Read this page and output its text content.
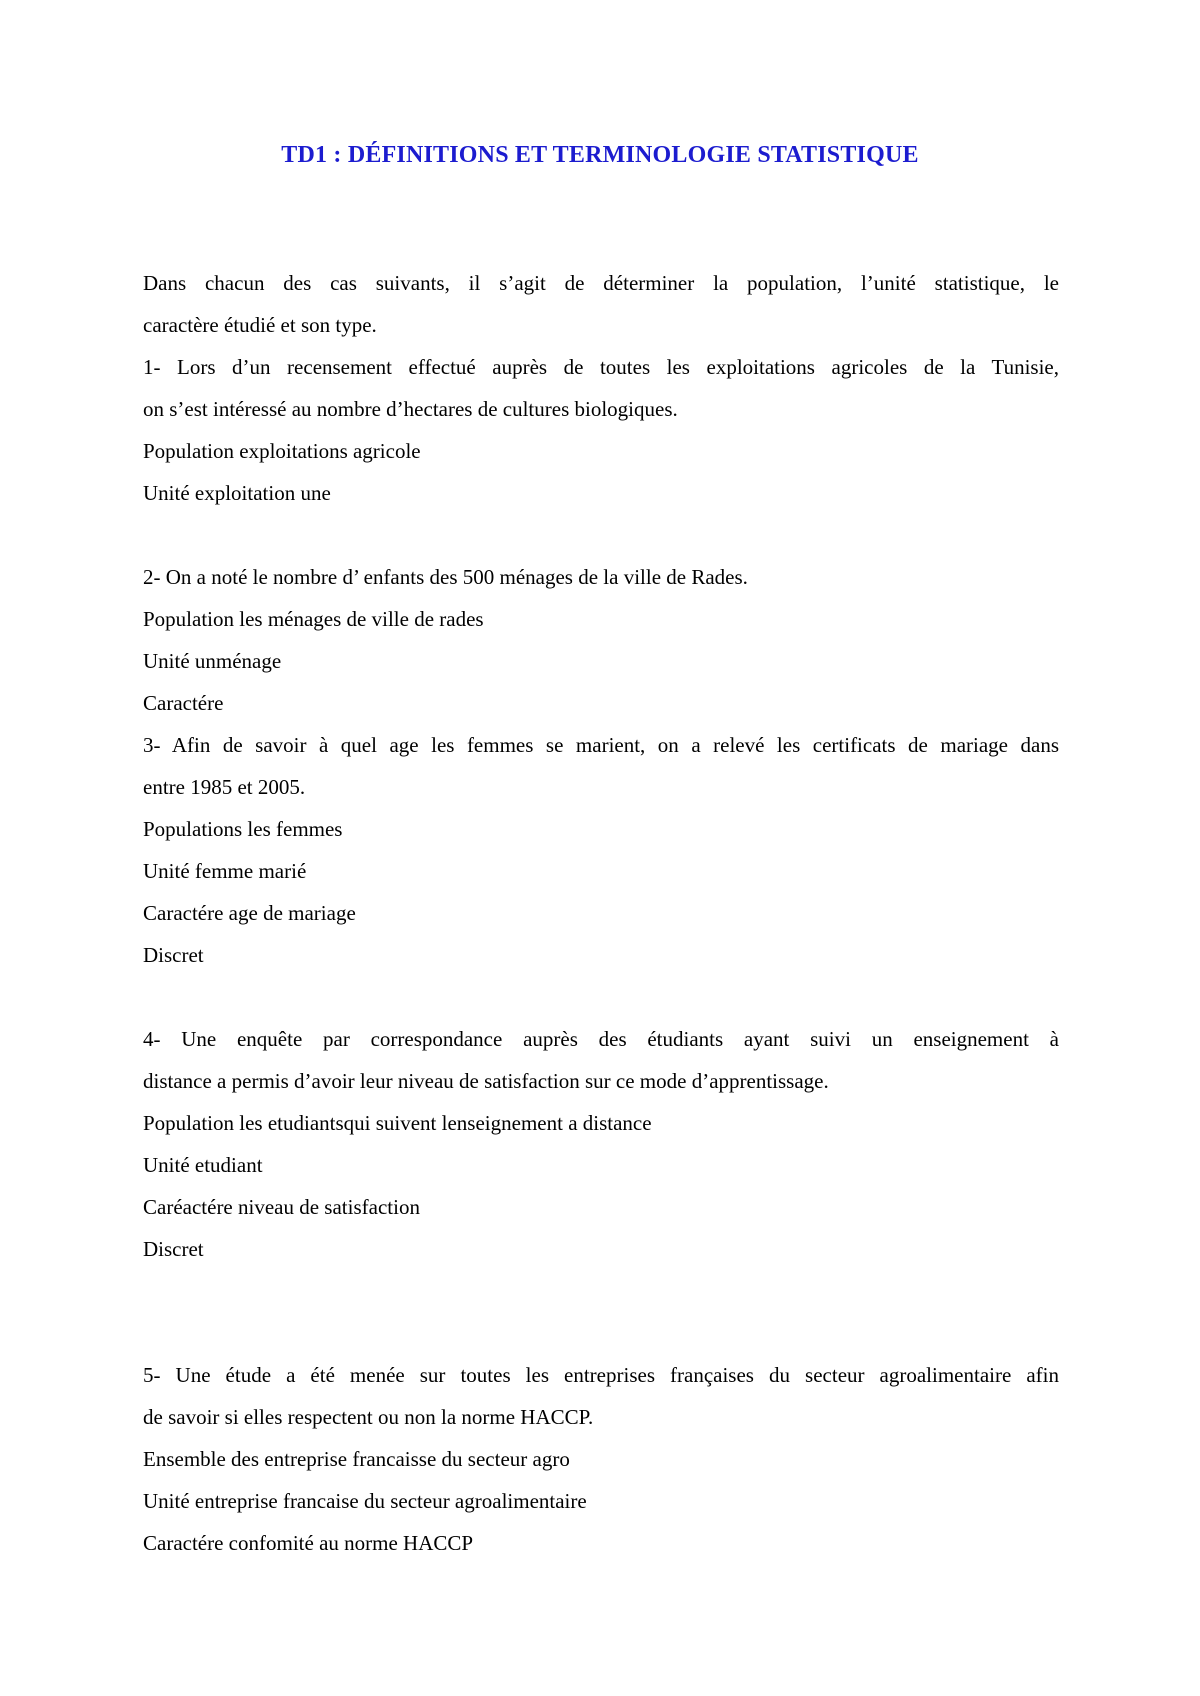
TD1 : DÉFINITIONS ET TERMINOLOGIE STATISTIQUE

Dans chacun des cas suivants, il s’agit de déterminer la population, l’unité statistique, le

caractère étudié et son type.

1- Lors d’un recensement effectué auprès de toutes les exploitations agricoles de la Tunisie,

on s’est intéressé au nombre d’hectares de cultures biologiques.

Population exploitations agricole

Unité exploitation une

2- On a noté le nombre d’ enfants des 500 ménages de la ville de Rades.

Population les ménages de ville de rades

Unité unménage

Caractére

3- Afin de savoir à quel age les femmes se marient, on a relevé les certificats de mariage dans

entre 1985 et 2005.

Populations les femmes

Unité femme marié

Caractére age de mariage

Discret

4- Une enquête par correspondance auprès des étudiants ayant suivi un enseignement à

distance a permis d’avoir leur niveau de satisfaction sur ce mode d’apprentissage.

Population les etudiantsqui suivent lenseignement a distance

Unité etudiant

Caréactére niveau de satisfaction

Discret

5- Une étude a été menée sur toutes les entreprises françaises du secteur agroalimentaire afin

de savoir si elles respectent ou non la norme HACCP.

Ensemble des entreprise francaisse du secteur agro

Unité entreprise francaise du secteur agroalimentaire

Caractére confomité au norme HACCP
